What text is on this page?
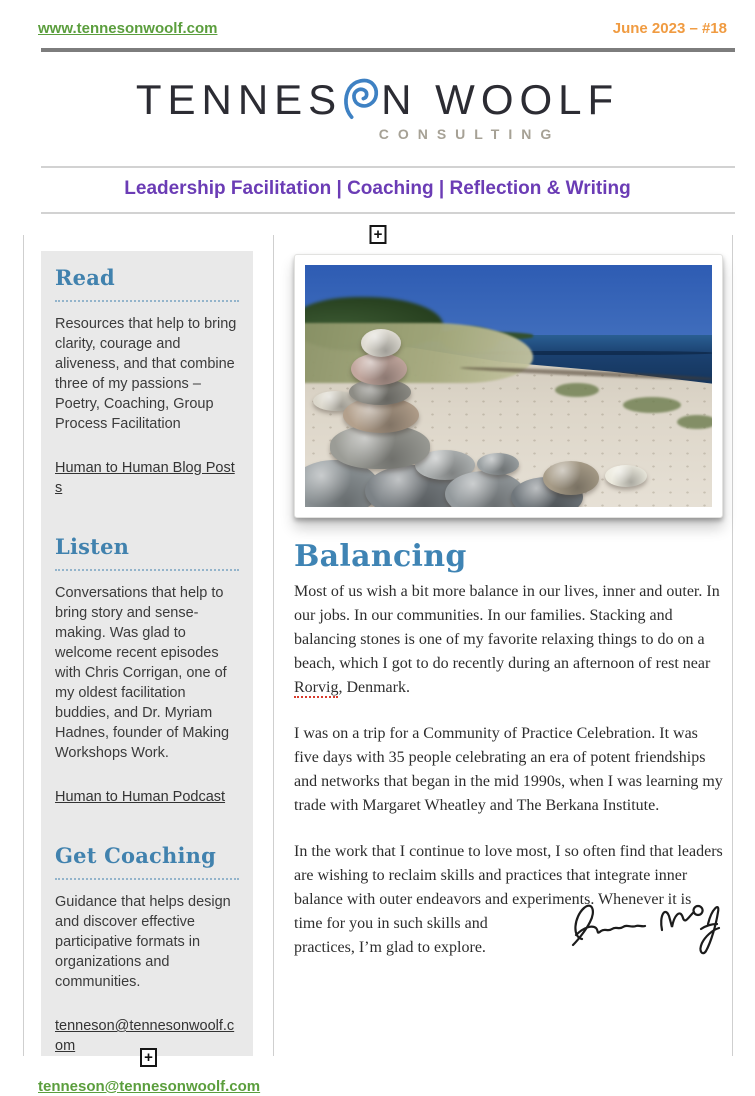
www.tennesonwoolf.com	June 2023 – #18
TENNES N WOOLF
CONSULTING
Leadership Facilitation | Coaching | Reflection & Writing
+
+
Read
Resources that help to bring clarity, courage and aliveness, and that combine three of my passions – Poetry, Coaching, Group Process Facilitation
Human to Human Blog Posts
Listen
Conversations that help to bring story and sense-making. Was glad to welcome recent episodes with Chris Corrigan, one of my oldest facilitation buddies, and Dr. Myriam Hadnes, founder of Making Workshops Work.
Human to Human Podcast
Get Coaching
Guidance that helps design and discover effective participative formats in organizations and communities.
tenneson@tennesonwoolf.com
Balancing

Most of us wish a bit more balance in our lives, inner and outer. In our jobs. In our communities. In our families. Stacking and balancing stones is one of my favorite relaxing things to do on a beach, which I got to do recently during an afternoon of rest near Rorvig, Denmark.

I was on a trip for a Community of Practice Celebration. It was five days with 35 people celebrating an era of potent friendships and networks that began in the mid 1990s, when I was learning my trade with Margaret Wheatley and The Berkana Institute.

In the work that I continue to love most, I so often find that leaders are wishing to reclaim skills and practices that integrate inner balance with outer endeavors and experiments. Whenever it is time for you in such skills and
practices, I’m glad to explore.

tenneson@tennesonwoolf.com
